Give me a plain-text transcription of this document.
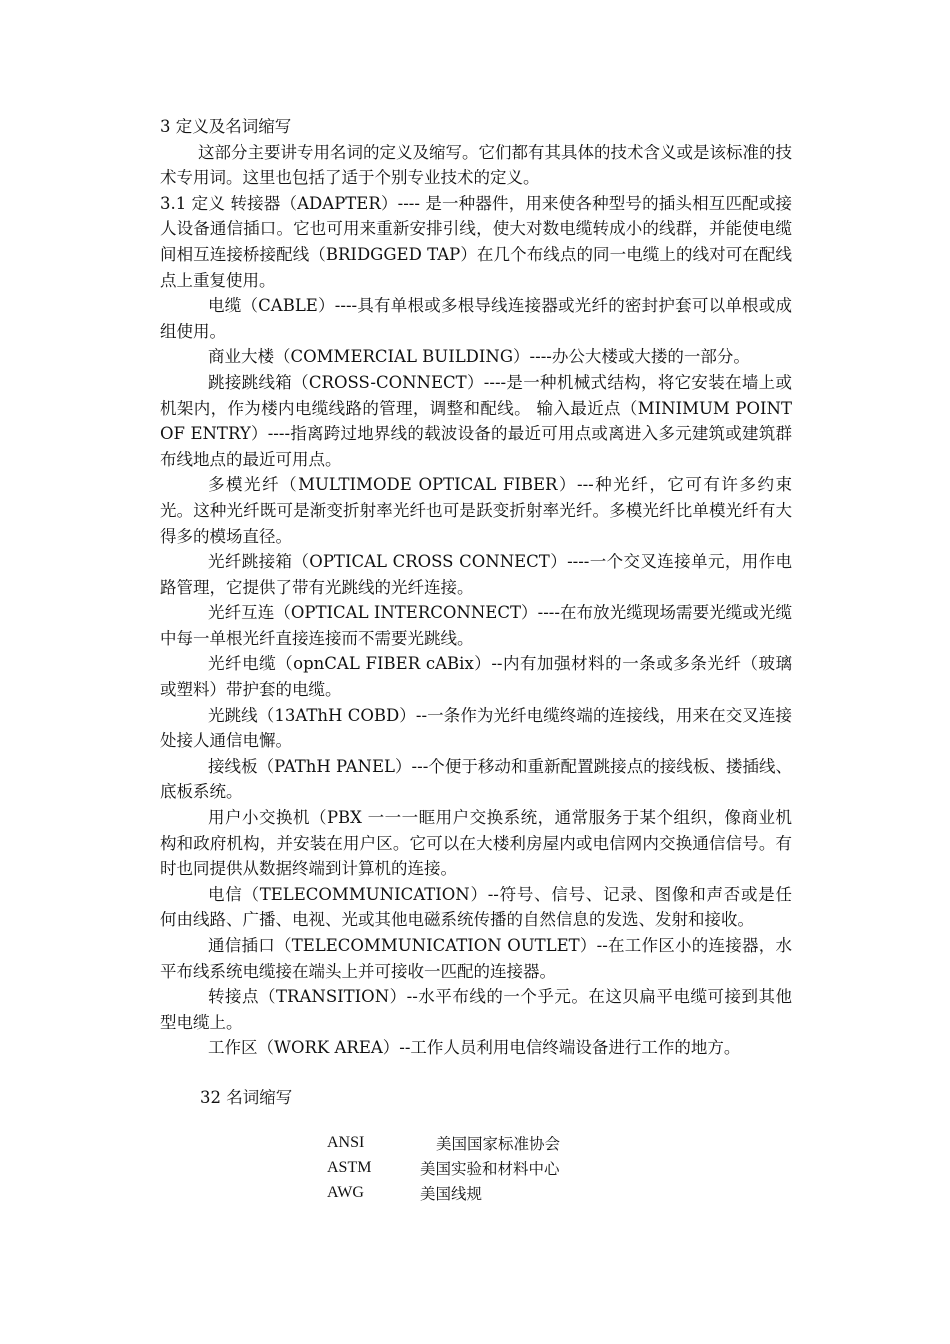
3 定义及名词缩写

这部分主要讲专用名词的定义及缩写。它们都有其具体的技术含义或是该标准的技术专用词。这里也包括了适于个别专业技术的定义。

3.1 定义 转接器（ADAPTER）---- 是一种器件，用来使各种型号的插头相互匹配或接人设备通信插口。它也可用来重新安排引线，使大对数电缆转成小的线群，并能使电缆间相互连接桥接配线（BRIDGGED TAP）在几个布线点的同一电缆上的线对可在配线点上重复使用。

电缆（CABLE）----具有单根或多根导线连接器或光纤的密封护套可以单根或成组使用。

商业大楼（COMMERCIAL BUILDING）----办公大楼或大搂的一部分。

跳接跳线箱（CROSS-CONNECT）----是一种机械式结构，将它安装在墙上或机架内，作为楼内电缆线路的管理，调整和配线。 输入最近点（MINIMUM POINT OF ENTRY）----指离跨过地界线的载波设备的最近可用点或离进入多元建筑或建筑群布线地点的最近可用点。

多模光纤（MULTIMODE OPTICAL FIBER）---种光纤，它可有许多约束光。这种光纤既可是渐变折射率光纤也可是跃变折射率光纤。多模光纤比单模光纤有大得多的模场直径。

光纤跳接箱（OPTICAL CROSS CONNECT）----一个交叉连接单元，用作电路管理，它提供了带有光跳线的光纤连接。

光纤互连（OPTICAL INTERCONNECT）----在布放光缆现场需要光缆或光缆中每一单根光纤直接连接而不需要光跳线。

光纤电缆（opnCAL FIBER cABix）--内有加强材料的一条或多条光纤（玻璃或塑料）带护套的电缆。

光跳线（13AThH COBD）--一条作为光纤电缆终端的连接线，用来在交叉连接处接人通信电懈。

接线板（PAThH PANEL）---个便于移动和重新配置跳接点的接线板、搂插线、底板系统。

用户小交换机（PBX 一一一眶用户交换系统，通常服务于某个组织，像商业机构和政府机构，并安装在用户区。它可以在大楼利房屋内或电信网内交换通信信号。有时也同提供从数据终端到计算机的连接。

电信（TELECOMMUNICATION）--符号、信号、记录、图像和声否或是任何由线路、广播、电视、光或其他电磁系统传播的自然信息的发选、发射和接收。

通信插口（TELECOMMUNICATION OUTLET）--在工作区小的连接器，水平布线系统电缆接在端头上并可接收一匹配的连接器。

转接点（TRANSITION）--水平布线的一个乎元。在这贝扁平电缆可接到其他型电缆上。

工作区（WORK AREA）--工作人员利用电信终端设备进行工作的地方。

32 名词缩写

ANSI	美国国家标准协会
ASTM	美国实验和材料中心
AWG	美国线规
